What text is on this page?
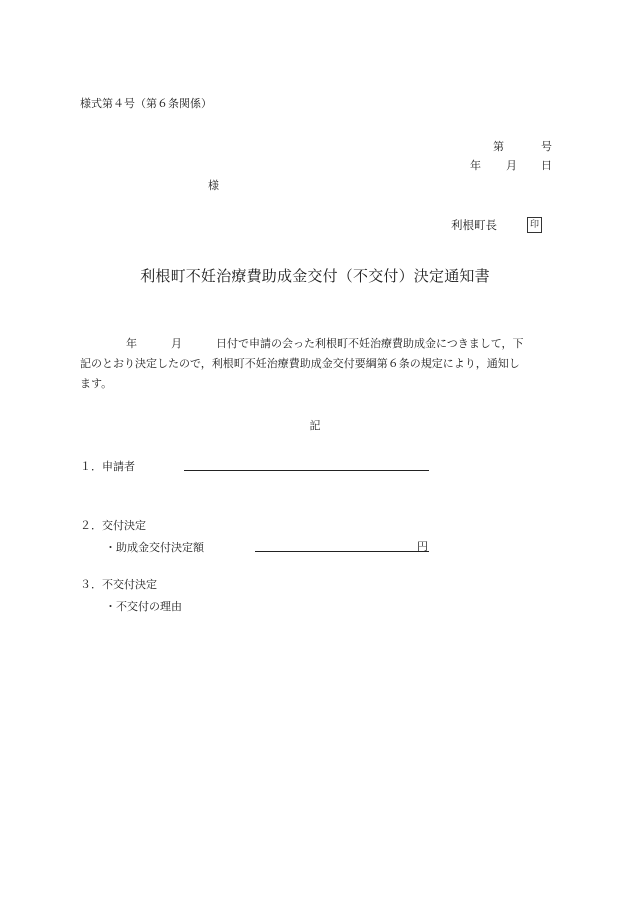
様式第４号（第６条関係）
第	号
年 月 日
様
利根町長	印
利根町不妊治療費助成金交付（不交付）決定通知書
年	月	日付で申請の会った利根町不妊治療費助成金につきまして，下
記のとおり決定したので，利根町不妊治療費助成金交付要綱第６条の規定により，通知し
ます。
記
１．申請者
２．交付決定
・助成金交付決定額	円
３．不交付決定
・不交付の理由
